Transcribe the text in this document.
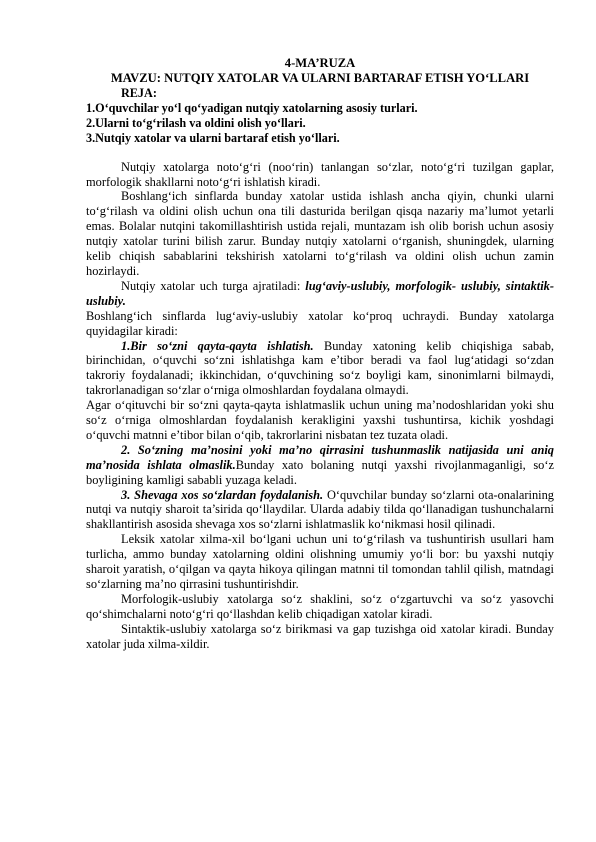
4-MA’RUZA
MAVZU: NUTQIY XATOLAR VA ULARNI BARTARAF ETISH YO‘LLARI
REJA:
1.O‘quvchilar yo‘l qo‘yadigan nutqiy xatolarning asosiy turlari.
2.Ularni to‘g‘rilash va oldini olish yo‘llari.
3.Nutqiy xatolar va ularni bartaraf etish yo‘llari.

Nutqiy xatolarga noto‘g‘ri (noo‘rin) tanlangan so‘zlar, noto‘g‘ri tuzilgan gaplar, morfologik shakllarni noto‘g‘ri ishlatish kiradi.

Boshlang‘ich sinflarda bunday xatolar ustida ishlash ancha qiyin, chunki ularni to‘g‘rilash va oldini olish uchun ona tili dasturida berilgan qisqa nazariy ma’lumot yetarli emas. Bolalar nutqini takomillashtirish ustida rejali, muntazam ish olib borish uchun asosiy nutqiy xatolar turini bilish zarur. Bunday nutqiy xatolarni o‘rganish, shuningdek, ularning kelib chiqish sabablarini tekshirish xatolarni to‘g‘rilash va oldini olish uchun zamin hozirlaydi.

Nutqiy xatolar uch turga ajratiladi: lug‘aviy-uslubiy, morfologik- uslubiy, sintaktik-uslubiy.

Boshlang‘ich sinflarda lug‘aviy-uslubiy xatolar ko‘proq uchraydi. Bunday xatolarga quyidagilar kiradi:

1.Bir so‘zni qayta-qayta ishlatish. Bunday xatoning kelib chiqishiga sabab, birinchidan, o‘quvchi so‘zni ishlatishga kam e’tibor beradi va faol lug‘atidagi so‘zdan takroriy foydalanadi; ikkinchidan, o‘quvchining so‘z boyligi kam, sinonimlarni bilmaydi, takrorlanadigan so‘zlar o‘rniga olmoshlardan foydalana olmaydi.

Agar o‘qituvchi bir so‘zni qayta-qayta ishlatmaslik uchun uning ma’nodoshlaridan yoki shu so‘z o‘rniga olmoshlardan foydalanish kerakligini yaxshi tushuntirsa, kichik yoshdagi o‘quvchi matnni e’tibor bilan o‘qib, takrorlarini nisbatan tez tuzata oladi.

2. So‘zning ma’nosini yoki ma’no qirrasini tushunmaslik natijasida uni aniq ma’nosida ishlata olmaslik.Bunday xato bolaning nutqi yaxshi rivojlanmaganligi, so‘z boyligining kamligi sababli yuzaga keladi.

3. Shevaga xos so‘zlardan foydalanish. O‘quvchilar bunday so‘zlarni ota-onalarining nutqi va nutqiy sharoit ta’sirida qo‘llaydilar. Ularda adabiy tilda qo‘llanadigan tushunchalarni shakllantirish asosida shevaga xos so‘zlarni ishlatmaslik ko‘nikmasi hosil qilinadi.

Leksik xatolar xilma-xil bo‘lgani uchun uni to‘g‘rilash va tushuntirish usullari ham turlicha, ammo bunday xatolarning oldini olishning umumiy yo‘li bor: bu yaxshi nutqiy sharoit yaratish, o‘qilgan va qayta hikoya qilingan matnni til tomondan tahlil qilish, matndagi so‘zlarning ma’no qirrasini tushuntirishdir.

Morfologik-uslubiy xatolarga so‘z shaklini, so‘z o‘zgartuvchi va so‘z yasovchi qo‘shimchalarni noto‘g‘ri qo‘llashdan kelib chiqadigan xatolar kiradi.

Sintaktik-uslubiy xatolarga so‘z birikmasi va gap tuzishga oid xatolar kiradi. Bunday xatolar juda xilma-xildir.
